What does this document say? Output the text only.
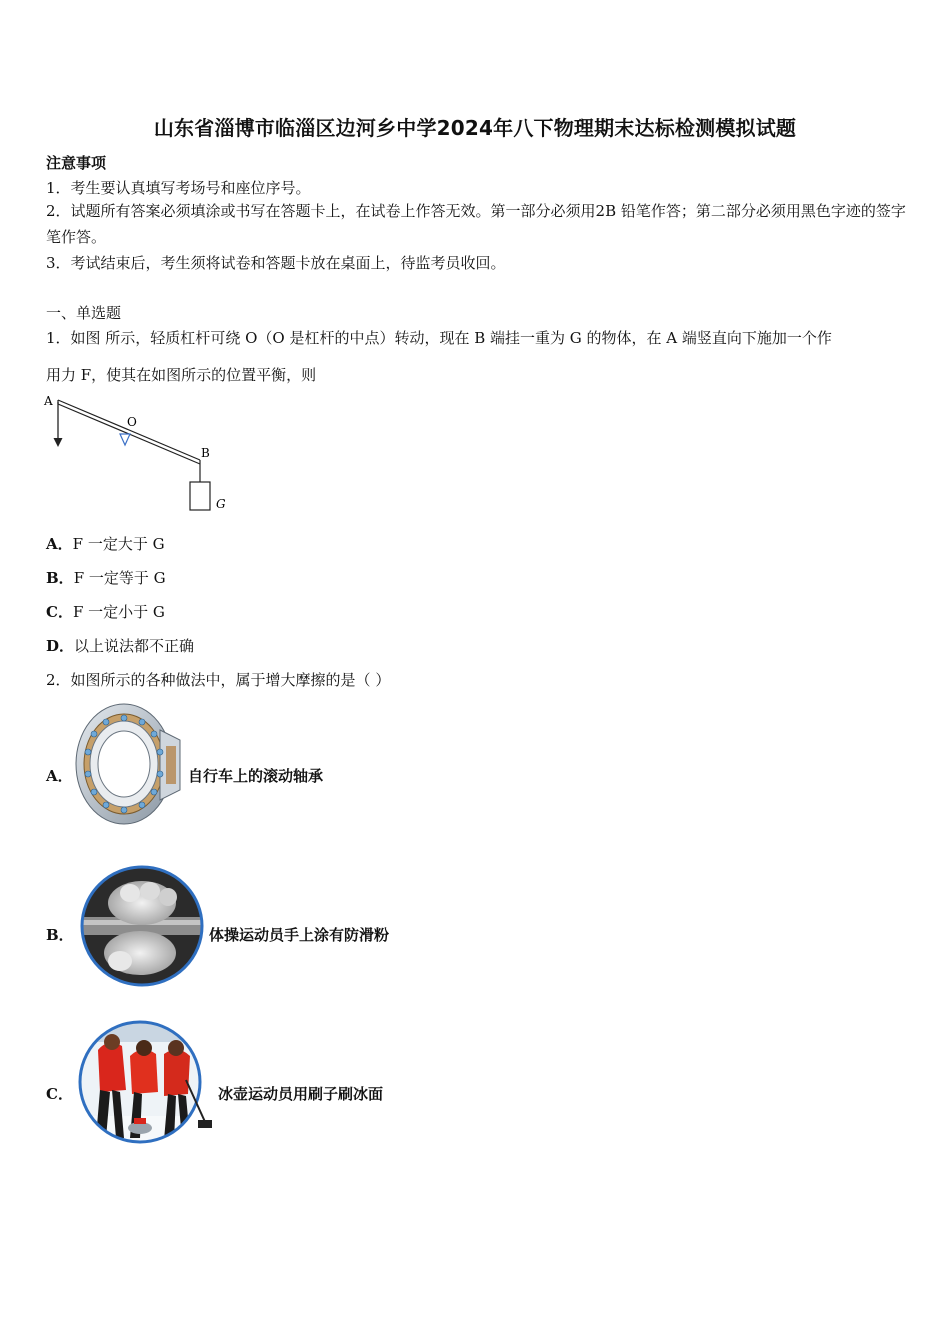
山东省淄博市临淄区边河乡中学2024年八下物理期末达标检测模拟试题
注意事项
1．考生要认真填写考场号和座位序号。
2．试题所有答案必须填涂或书写在答题卡上，在试卷上作答无效。第一部分必须用2B 铅笔作答；第二部分必须用黑色字迹的签字笔作答。
3．考试结束后，考生须将试卷和答题卡放在桌面上，待监考员收回。
一、单选题
1．如图 所示，轻质杠杆可绕 O（O 是杠杆的中点）转动，现在 B 端挂一重为 G 的物体，在 A 端竖直向下施加一个作
用力 F，使其在如图所示的位置平衡，则
A
O
B
G
A．F 一定大于 G
B．F 一定等于 G
C．F 一定小于 G
D．以上说法都不正确
2．如图所示的各种做法中，属于增大摩擦的是（ ）
A．	自行车上的滚动轴承
B．	体操运动员手上涂有防滑粉
C．	冰壶运动员用刷子刷冰面
